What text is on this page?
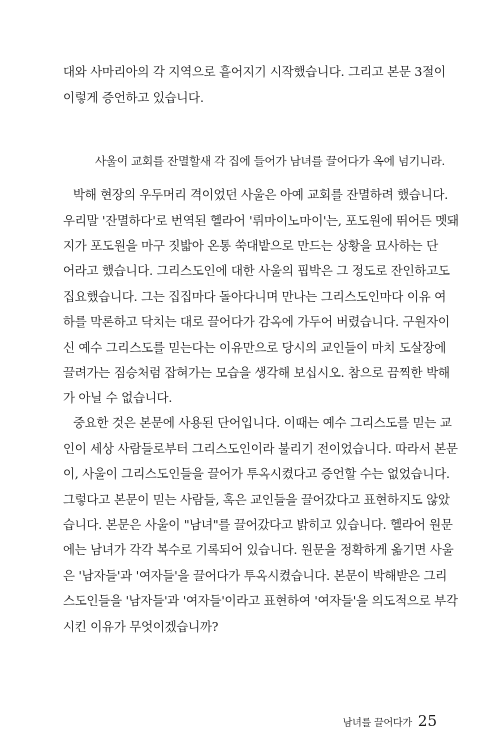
대와 사마리아의 각 지역으로 흩어지기 시작했습니다. 그리고 본문 3절이
이렇게 증언하고 있습니다.
사울이 교회를 잔멸할새 각 집에 들어가 남녀를 끌어다가 옥에 넘기니라.
박해 현장의 우두머리 격이었던 사울은 아예 교회를 잔멸하려 했습니다.
우리말 '잔멸하다'로 번역된 헬라어 '뤼마이노마이'는, 포도원에 뛰어든 멧돼
지가 포도원을 마구 짓밟아 온통 쑥대밭으로 만드는 상황을 묘사하는 단
어라고 했습니다. 그리스도인에 대한 사울의 핍박은 그 정도로 잔인하고도
집요했습니다. 그는 집집마다 돌아다니며 만나는 그리스도인마다 이유 여
하를 막론하고 닥치는 대로 끌어다가 감옥에 가두어 버렸습니다. 구원자이
신 예수 그리스도를 믿는다는 이유만으로 당시의 교인들이 마치 도살장에
끌려가는 짐승처럼 잡혀가는 모습을 생각해 보십시오. 참으로 끔찍한 박해
가 아닐 수 없습니다.
중요한 것은 본문에 사용된 단어입니다. 이때는 예수 그리스도를 믿는 교
인이 세상 사람들로부터 그리스도인이라 불리기 전이었습니다. 따라서 본문
이, 사울이 그리스도인들을 끌어가 투옥시켰다고 증언할 수는 없었습니다.
그렇다고 본문이 믿는 사람들, 혹은 교인들을 끌어갔다고 표현하지도 않았
습니다. 본문은 사울이 "남녀"를 끌어갔다고 밝히고 있습니다. 헬라어 원문
에는 남녀가 각각 복수로 기록되어 있습니다. 원문을 정확하게 옮기면 사울
은 '남자들'과 '여자들'을 끌어다가 투옥시켰습니다. 본문이 박해받은 그리
스도인들을 '남자들'과 '여자들'이라고 표현하여 '여자들'을 의도적으로 부각
시킨 이유가 무엇이겠습니까?
남녀를 끌어다가 25
